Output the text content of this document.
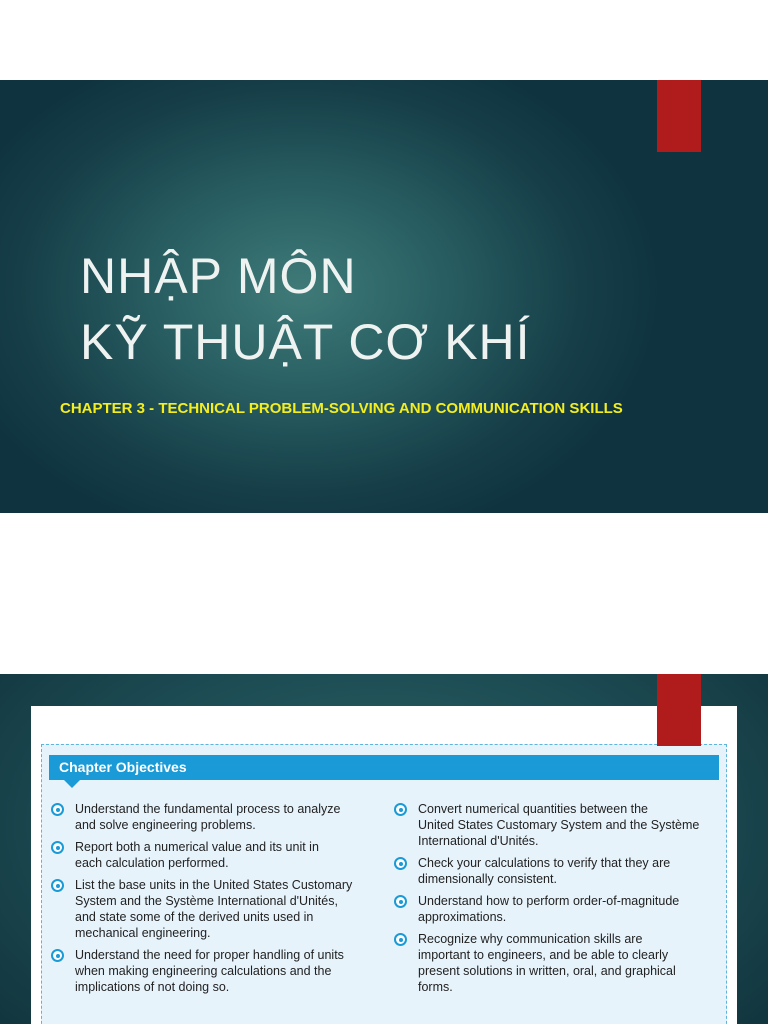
NHẬP MÔN
KỸ THUẬT CƠ KHÍ
CHAPTER 3 - TECHNICAL PROBLEM-SOLVING AND COMMUNICATION SKILLS
Chapter Objectives
Understand the fundamental process to analyze
and solve engineering problems.
Report both a numerical value and its unit in
each calculation performed.
List the base units in the United States Customary
System and the Système International d'Unités,
and state some of the derived units used in
mechanical engineering.
Understand the need for proper handling of units
when making engineering calculations and the
implications of not doing so.
Convert numerical quantities between the
United States Customary System and the Système
International d'Unités.
Check your calculations to verify that they are
dimensionally consistent.
Understand how to perform order-of-magnitude
approximations.
Recognize why communication skills are
important to engineers, and be able to clearly
present solutions in written, oral, and graphical
forms.
